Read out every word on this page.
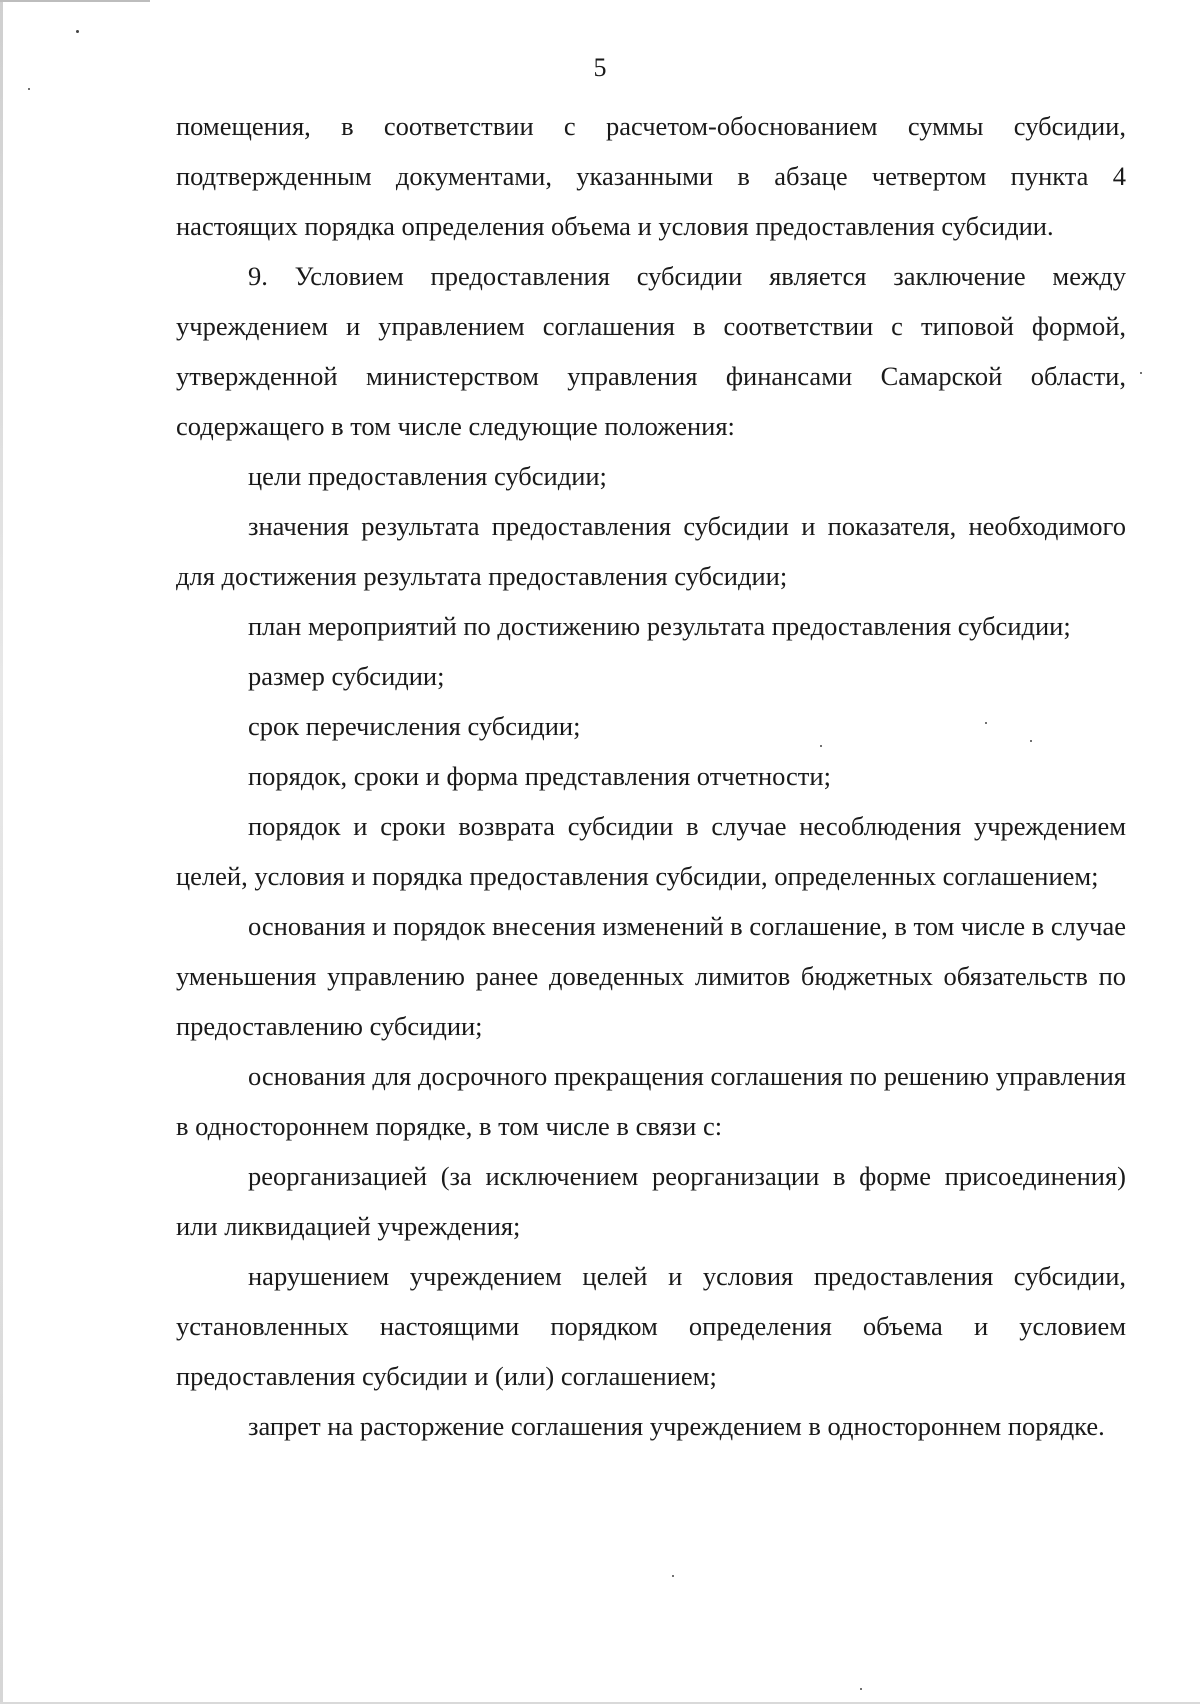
5

помещения, в соответствии с расчетом-обоснованием суммы субсидии, подтвержденным документами, указанными в абзаце четвертом пункта 4 настоящих порядка определения объема и условия предоставления субсидии.

9. Условием предоставления субсидии является заключение между учреждением и управлением соглашения в соответствии с типовой формой, утвержденной министерством управления финансами Самарской области, содержащего в том числе следующие положения:

цели предоставления субсидии;

значения результата предоставления субсидии и показателя, необходимого для достижения результата предоставления субсидии;

план мероприятий по достижению результата предоставления субсидии;

размер субсидии;

срок перечисления субсидии;

порядок, сроки и форма представления отчетности;

порядок и сроки возврата субсидии в случае несоблюдения учреждением целей, условия и порядка предоставления субсидии, определенных соглашением;

основания и порядок внесения изменений в соглашение, в том числе в случае уменьшения управлению ранее доведенных лимитов бюджетных обязательств по предоставлению субсидии;

основания для досрочного прекращения соглашения по решению управления в одностороннем порядке, в том числе в связи с:

реорганизацией (за исключением реорганизации в форме присоединения) или ликвидацией учреждения;

нарушением учреждением целей и условия предоставления субсидии, установленных настоящими порядком определения объема и условием предоставления субсидии и (или) соглашением;

запрет на расторжение соглашения учреждением в одностороннем порядке.
